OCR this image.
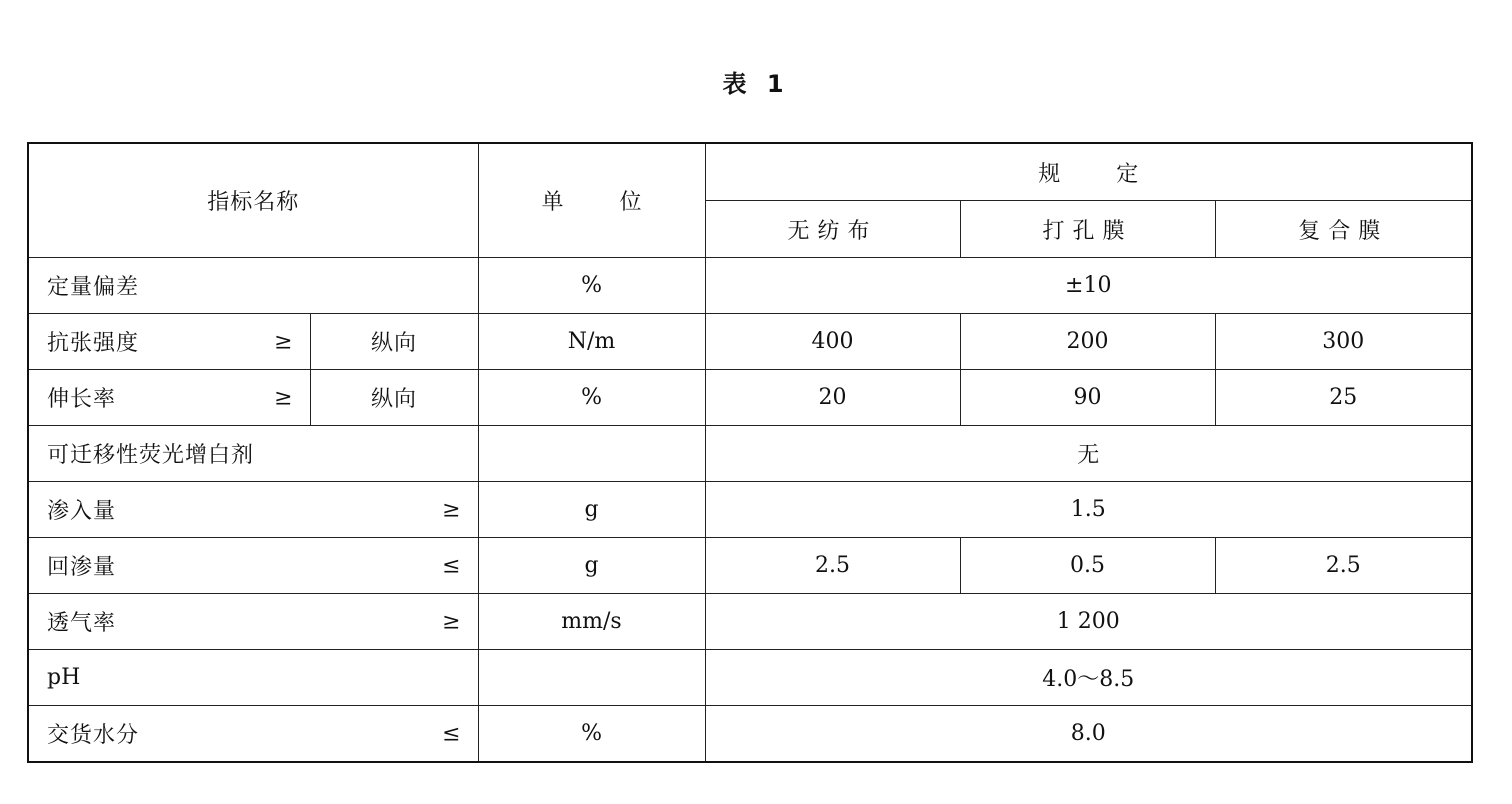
表 1
指标名称		单 位	规 定		
			无纺布	打孔膜	复合膜
定量偏差		%	±10		
抗张强度 ≥	纵向	N/m	400	200	300
伸长率 ≥	纵向	%	20	90	25
可迁移性荧光增白剂			无		
渗入量 ≥		g	1.5		
回渗量 ≤		g	2.5	0.5	2.5
透气率 ≥		mm/s	1 200		
pH			4.0～8.5		
交货水分 ≤		%	8.0		
